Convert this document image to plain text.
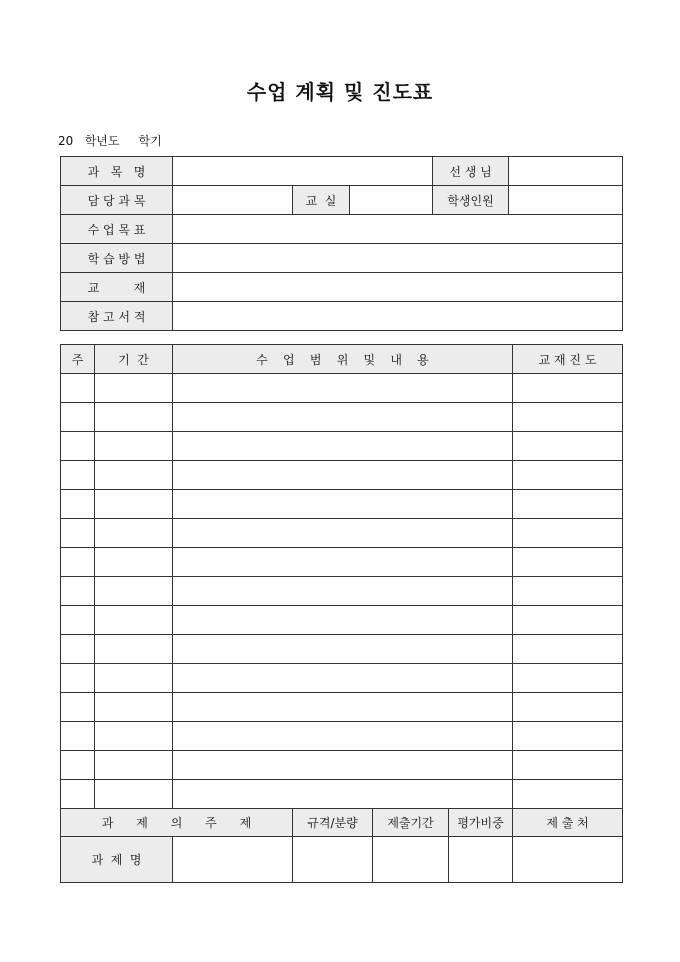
수업 계획 및 진도표
20   학년도     학기
과   목   명				선 생 님	
담 당 과 목		교  실		학생인원	
수 업 목 표					
학 습 방 법					
교         재					
참 고 서 적					
주	기  간	수    업    범    위    및    내    용				교 재 진 도

과      제      의      주      제			규격/분량	제출기간	평가비중	제 출 처
과  제  명						
